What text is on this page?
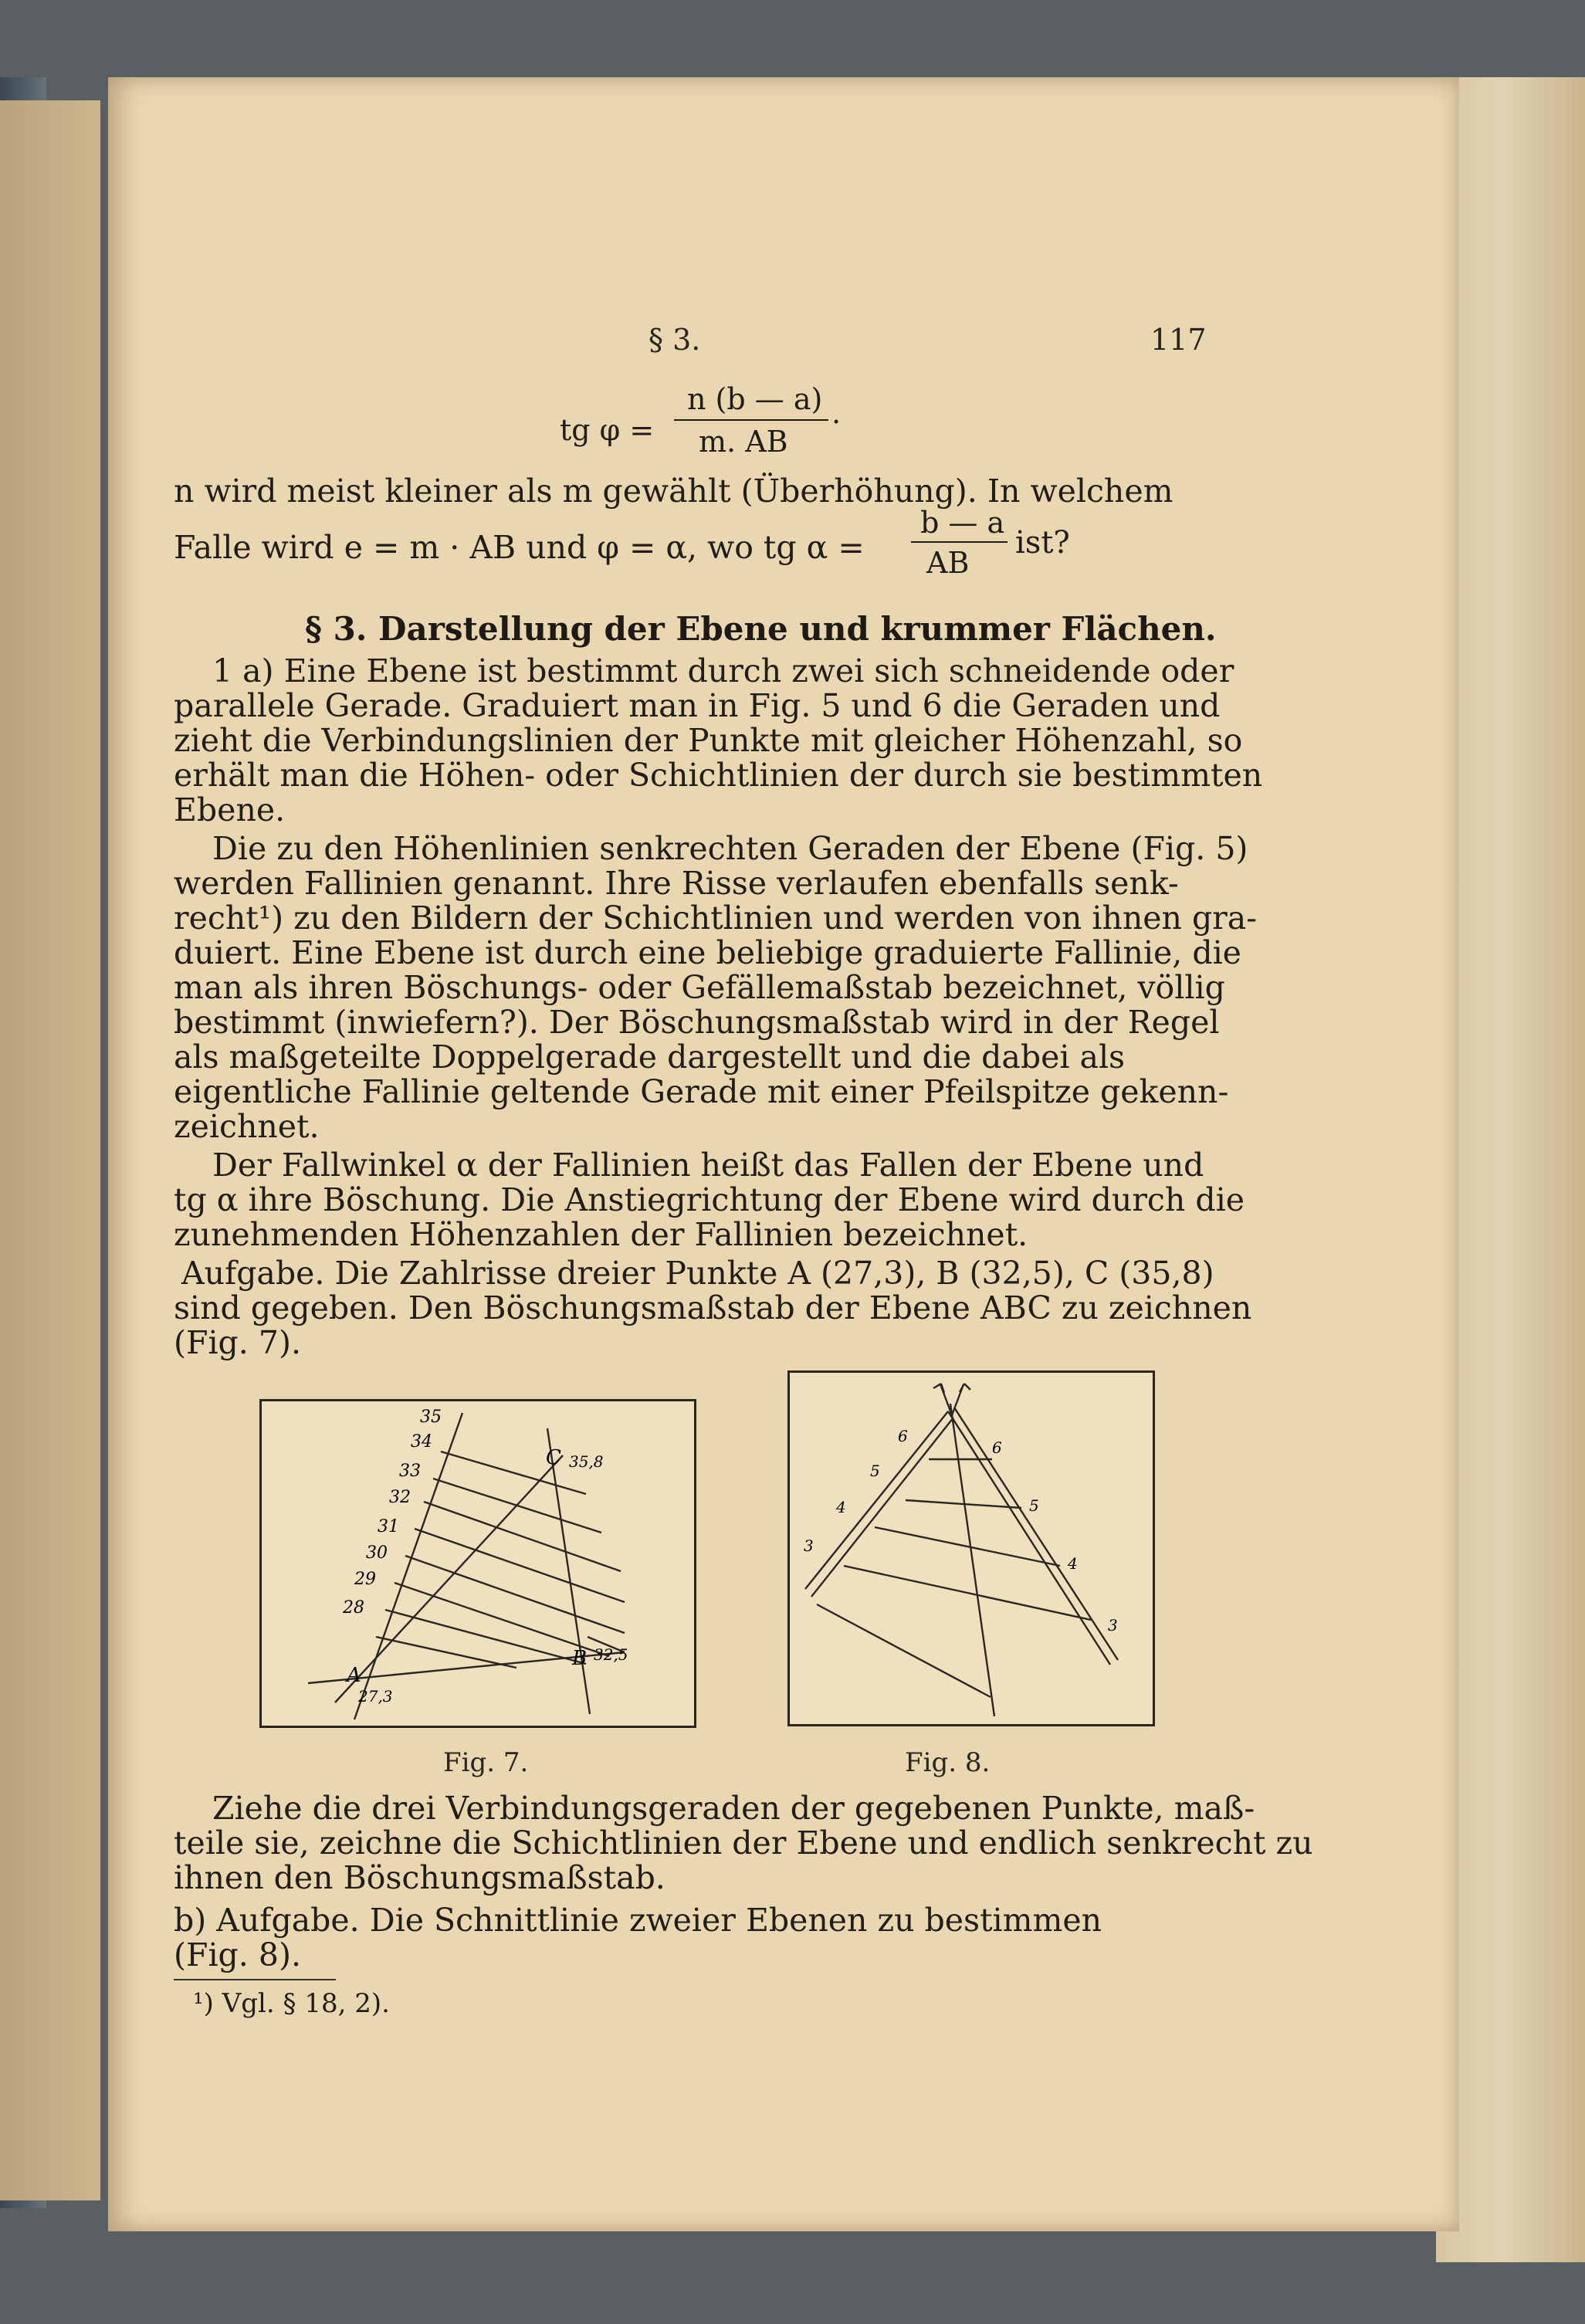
§ 3.	117
tg φ =
n (b — a)
m. AB
.
n wird meist kleiner als m gewählt (Überhöhung). In welchem
Falle wird e = m · AB und φ = α, wo tg α =
b — a
AB
ist?
§ 3. Darstellung der Ebene und krummer Flächen.
1 a) Eine Ebene ist bestimmt durch zwei sich schneidende oder
parallele Gerade. Graduiert man in Fig. 5 und 6 die Geraden und
zieht die Verbindungslinien der Punkte mit gleicher Höhenzahl, so
erhält man die Höhen- oder Schichtlinien der durch sie bestimmten
Ebene.
Die zu den Höhenlinien senkrechten Geraden der Ebene (Fig. 5)
werden Fallinien genannt. Ihre Risse verlaufen ebenfalls senk-
recht¹) zu den Bildern der Schichtlinien und werden von ihnen gra-
duiert. Eine Ebene ist durch eine beliebige graduierte Fallinie, die
man als ihren Böschungs- oder Gefällemaßstab bezeichnet, völlig
bestimmt (inwiefern?). Der Böschungsmaßstab wird in der Regel
als maßgeteilte Doppelgerade dargestellt und die dabei als
eigentliche Fallinie geltende Gerade mit einer Pfeilspitze gekenn-
zeichnet.
Der Fallwinkel α der Fallinien heißt das Fallen der Ebene und
tg α ihre Böschung. Die Anstiegrichtung der Ebene wird durch die
zunehmenden Höhenzahlen der Fallinien bezeichnet.
Aufgabe. Die Zahlrisse dreier Punkte A (27,3), B (32,5), C (35,8)
sind gegeben. Den Böschungsmaßstab der Ebene ABC zu zeichnen
(Fig. 7).
35
34
33
32
31
30
29
28
A
27,3
B 32,5
C 35,8
Fig. 7.
6
5
4
3
6
5
4
3
Fig. 8.
Ziehe die drei Verbindungsgeraden der gegebenen Punkte, maß-
teile sie, zeichne die Schichtlinien der Ebene und endlich senkrecht zu
ihnen den Böschungsmaßstab.
b) Aufgabe. Die Schnittlinie zweier Ebenen zu bestimmen
(Fig. 8).
¹) Vgl. § 18, 2).
